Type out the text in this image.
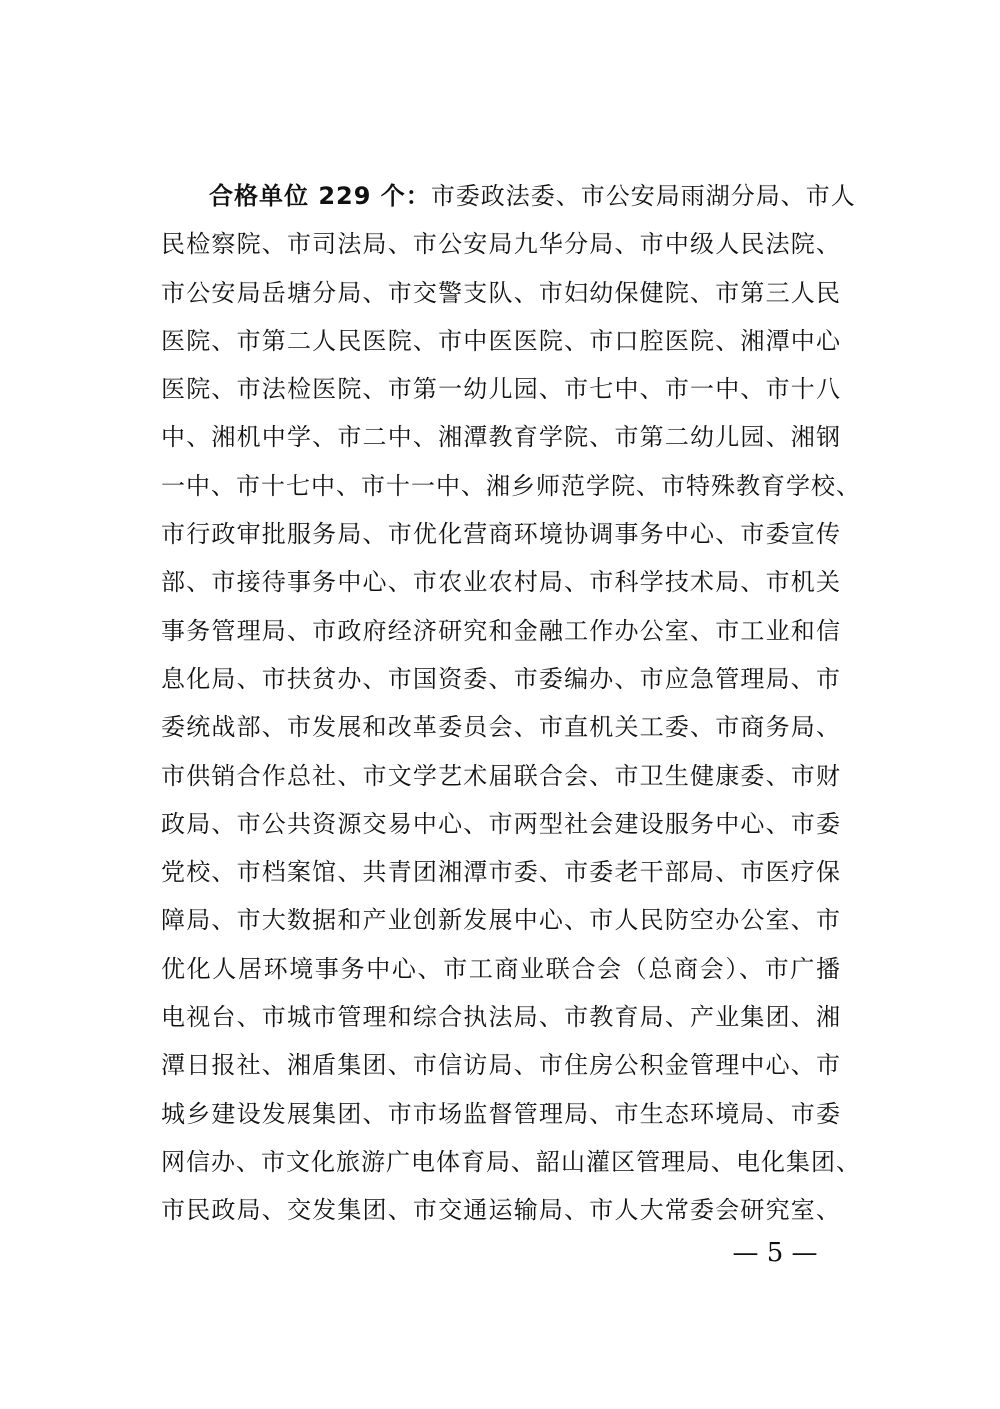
合格单位 229 个：市委政法委、市公安局雨湖分局、市人
民检察院、市司法局、市公安局九华分局、市中级人民法院、
市公安局岳塘分局、市交警支队、市妇幼保健院、市第三人民
医院、市第二人民医院、市中医医院、市口腔医院、湘潭中心
医院、市法检医院、市第一幼儿园、市七中、市一中、市十八
中、湘机中学、市二中、湘潭教育学院、市第二幼儿园、湘钢
一中、市十七中、市十一中、湘乡师范学院、市特殊教育学校、
市行政审批服务局、市优化营商环境协调事务中心、市委宣传
部、市接待事务中心、市农业农村局、市科学技术局、市机关
事务管理局、市政府经济研究和金融工作办公室、市工业和信
息化局、市扶贫办、市国资委、市委编办、市应急管理局、市
委统战部、市发展和改革委员会、市直机关工委、市商务局、
市供销合作总社、市文学艺术届联合会、市卫生健康委、市财
政局、市公共资源交易中心、市两型社会建设服务中心、市委
党校、市档案馆、共青团湘潭市委、市委老干部局、市医疗保
障局、市大数据和产业创新发展中心、市人民防空办公室、市
优化人居环境事务中心、市工商业联合会（总商会）、市广播
电视台、市城市管理和综合执法局、市教育局、产业集团、湘
潭日报社、湘盾集团、市信访局、市住房公积金管理中心、市
城乡建设发展集团、市市场监督管理局、市生态环境局、市委
网信办、市文化旅游广电体育局、韶山灌区管理局、电化集团、
市民政局、交发集团、市交通运输局、市人大常委会研究室、
— 5 —
